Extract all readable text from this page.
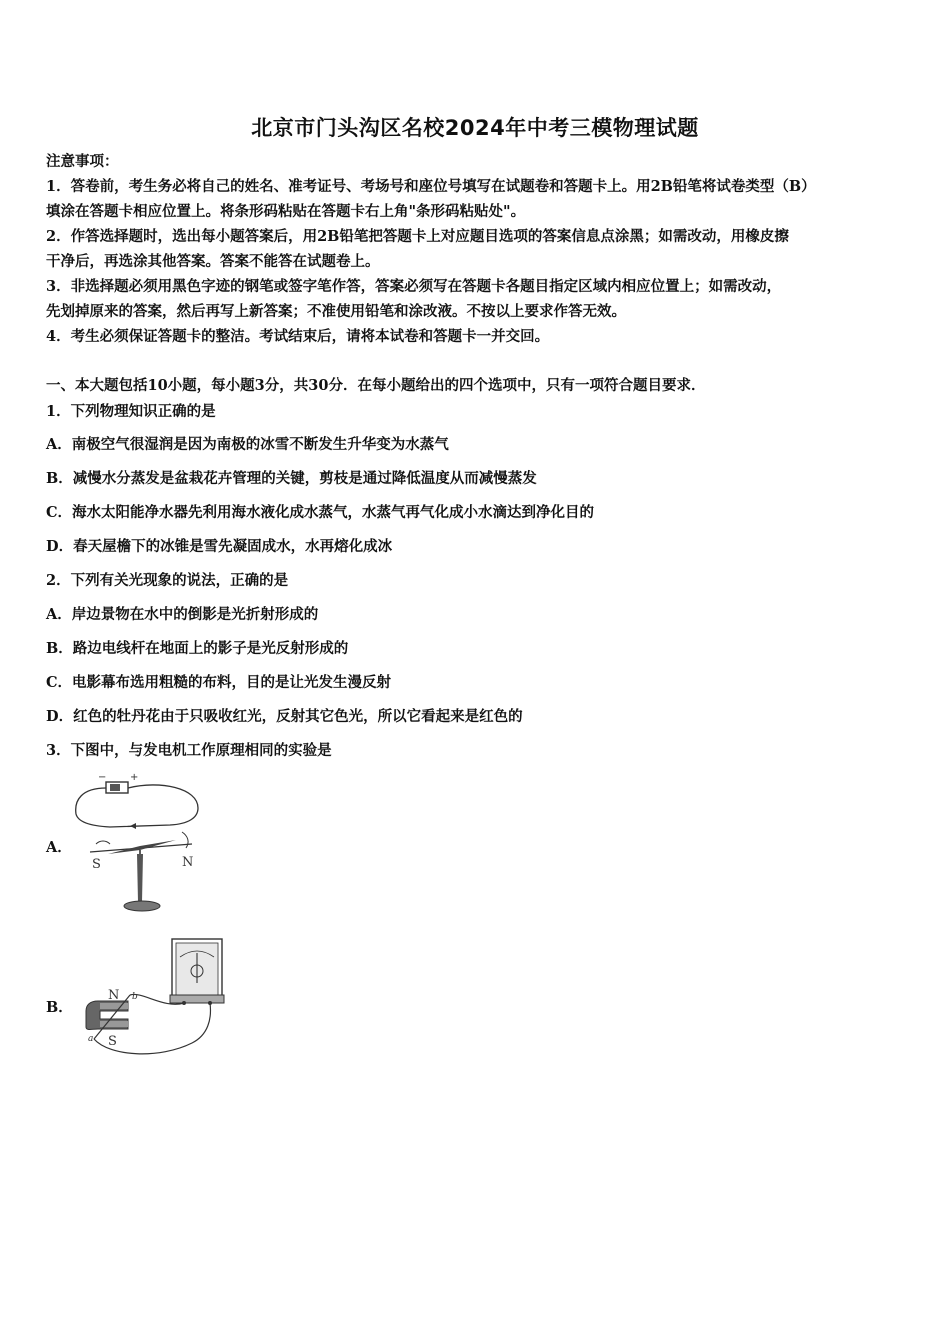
北京市门头沟区名校2024年中考三模物理试题
注意事项：
1．答卷前，考生务必将自己的姓名、准考证号、考场号和座位号填写在试题卷和答题卡上。用2B铅笔将试卷类型（B）
填涂在答题卡相应位置上。将条形码粘贴在答题卡右上角"条形码粘贴处"。
2．作答选择题时，选出每小题答案后，用2B铅笔把答题卡上对应题目选项的答案信息点涂黑；如需改动，用橡皮擦
干净后，再选涂其他答案。答案不能答在试题卷上。
3．非选择题必须用黑色字迹的钢笔或签字笔作答，答案必须写在答题卡各题目指定区域内相应位置上；如需改动，
先划掉原来的答案，然后再写上新答案；不准使用铅笔和涂改液。不按以上要求作答无效。
4．考生必须保证答题卡的整洁。考试结束后，请将本试卷和答题卡一并交回。
一、本大题包括10小题，每小题3分，共30分．在每小题给出的四个选项中，只有一项符合题目要求．
1．下列物理知识正确的是
A．南极空气很湿润是因为南极的冰雪不断发生升华变为水蒸气
B．减慢水分蒸发是盆栽花卉管理的关键，剪枝是通过降低温度从而减慢蒸发
C．海水太阳能净水器先利用海水液化成水蒸气，水蒸气再气化成小水滴达到净化目的
D．春天屋檐下的冰锥是雪先凝固成水，水再熔化成冰
2．下列有关光现象的说法，正确的是
A．岸边景物在水中的倒影是光折射形成的
B．路边电线杆在地面上的影子是光反射形成的
C．电影幕布选用粗糙的布料，目的是让光发生漫反射
D．红色的牡丹花由于只吸收红光，反射其它色光，所以它看起来是红色的
3．下图中，与发电机工作原理相同的实验是
A．
− +
S	N
B．
N
S
b
a
